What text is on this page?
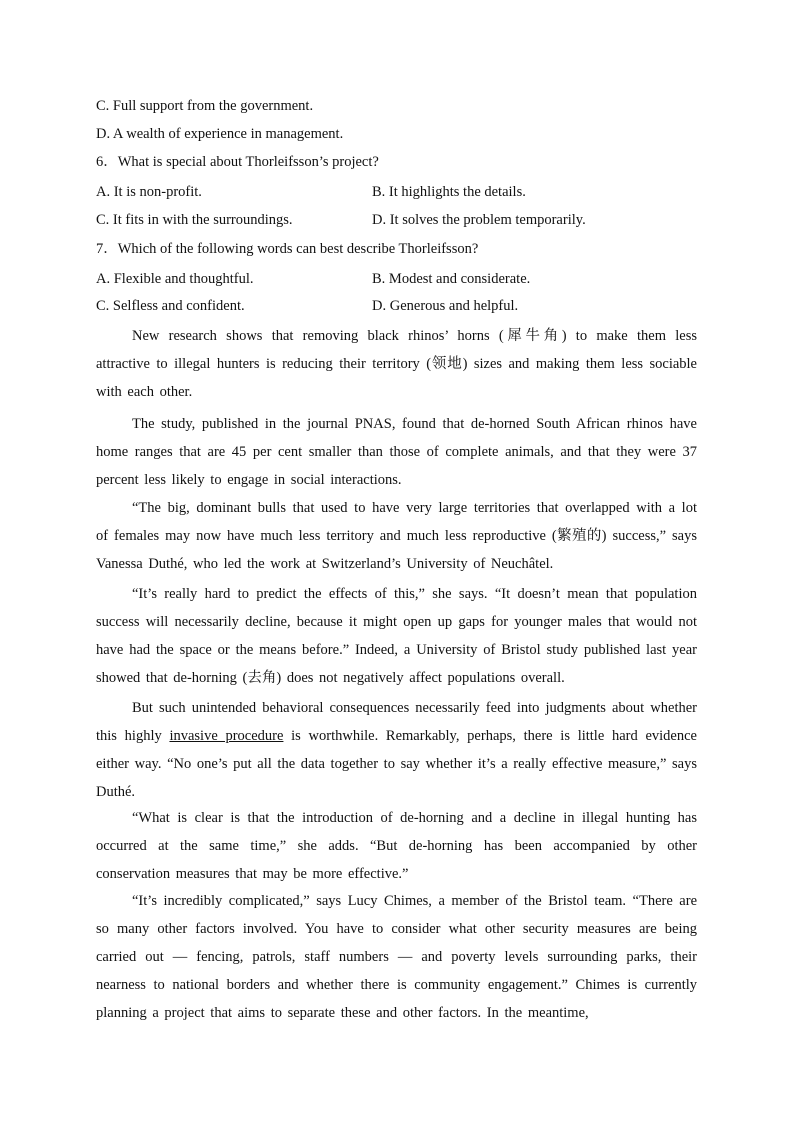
C. Full support from the government.
D. A wealth of experience in management.
6．What is special about Thorleifsson’s project?
A. It is non-profit.	B. It highlights the details.
C. It fits in with the surroundings.	D. It solves the problem temporarily.
7．Which of the following words can best describe Thorleifsson?
A. Flexible and thoughtful.	B. Modest and considerate.
C. Selfless and confident.	D. Generous and helpful.
New research shows that removing black rhinos’ horns (犀牛角) to make them less attractive to illegal hunters is reducing their territory (领地) sizes and making them less sociable with each other.
The study, published in the journal PNAS, found that de-horned South African rhinos have home ranges that are 45 per cent smaller than those of complete animals, and that they were 37 percent less likely to engage in social interactions.
“The big, dominant bulls that used to have very large territories that overlapped with a lot of females may now have much less territory and much less reproductive (繁殖的) success,” says Vanessa Duthé, who led the work at Switzerland’s University of Neuchâtel.
“It’s really hard to predict the effects of this,” she says. “It doesn’t mean that population success will necessarily decline, because it might open up gaps for younger males that would not have had the space or the means before.” Indeed, a University of Bristol study published last year showed that de-horning (去角) does not negatively affect populations overall.
But such unintended behavioral consequences necessarily feed into judgments about whether this highly invasive procedure is worthwhile. Remarkably, perhaps, there is little hard evidence either way. “No one’s put all the data together to say whether it’s a really effective measure,” says Duthé.
“What is clear is that the introduction of de-horning and a decline in illegal hunting has occurred at the same time,” she adds. “But de-horning has been accompanied by other conservation measures that may be more effective.”
“It’s incredibly complicated,” says Lucy Chimes, a member of the Bristol team. “There are so many other factors involved. You have to consider what other security measures are being carried out — fencing, patrols, staff numbers — and poverty levels surrounding parks, their nearness to national borders and whether there is community engagement.” Chimes is currently planning a project that aims to separate these and other factors. In the meantime,
